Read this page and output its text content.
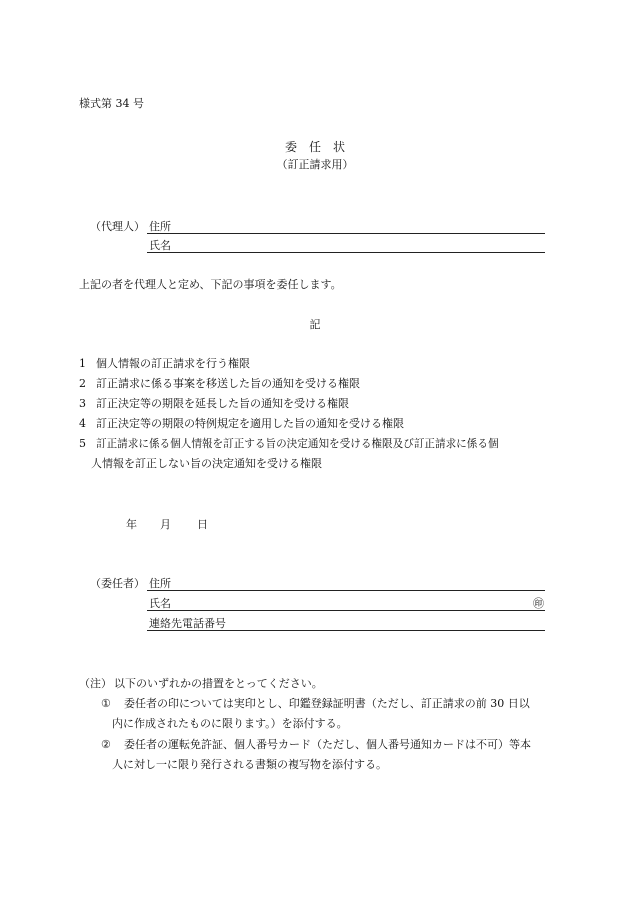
様式第 34 号
委　任　状
（訂正請求用）
（代理人） 住所
氏名
上記の者を代理人と定め、下記の事項を委任します。
記
1 個人情報の訂正請求を行う権限
2 訂正請求に係る事案を移送した旨の通知を受ける権限
3 訂正決定等の期限を延長した旨の通知を受ける権限
4 訂正決定等の期限の特例規定を適用した旨の通知を受ける権限
5 訂正請求に係る個人情報を訂正する旨の決定通知を受ける権限及び訂正請求に係る個
人情報を訂正しない旨の決定通知を受ける権限
年 月 日
（委任者） 住所
氏名	㊞
連絡先電話番号
（注） 以下のいずれかの措置をとってください。
① 委任者の印については実印とし、印鑑登録証明書（ただし、訂正請求の前 30 日以
内に作成されたものに限ります。）を添付する。
② 委任者の運転免許証、個人番号カード（ただし、個人番号通知カードは不可）等本
人に対し一に限り発行される書類の複写物を添付する。
